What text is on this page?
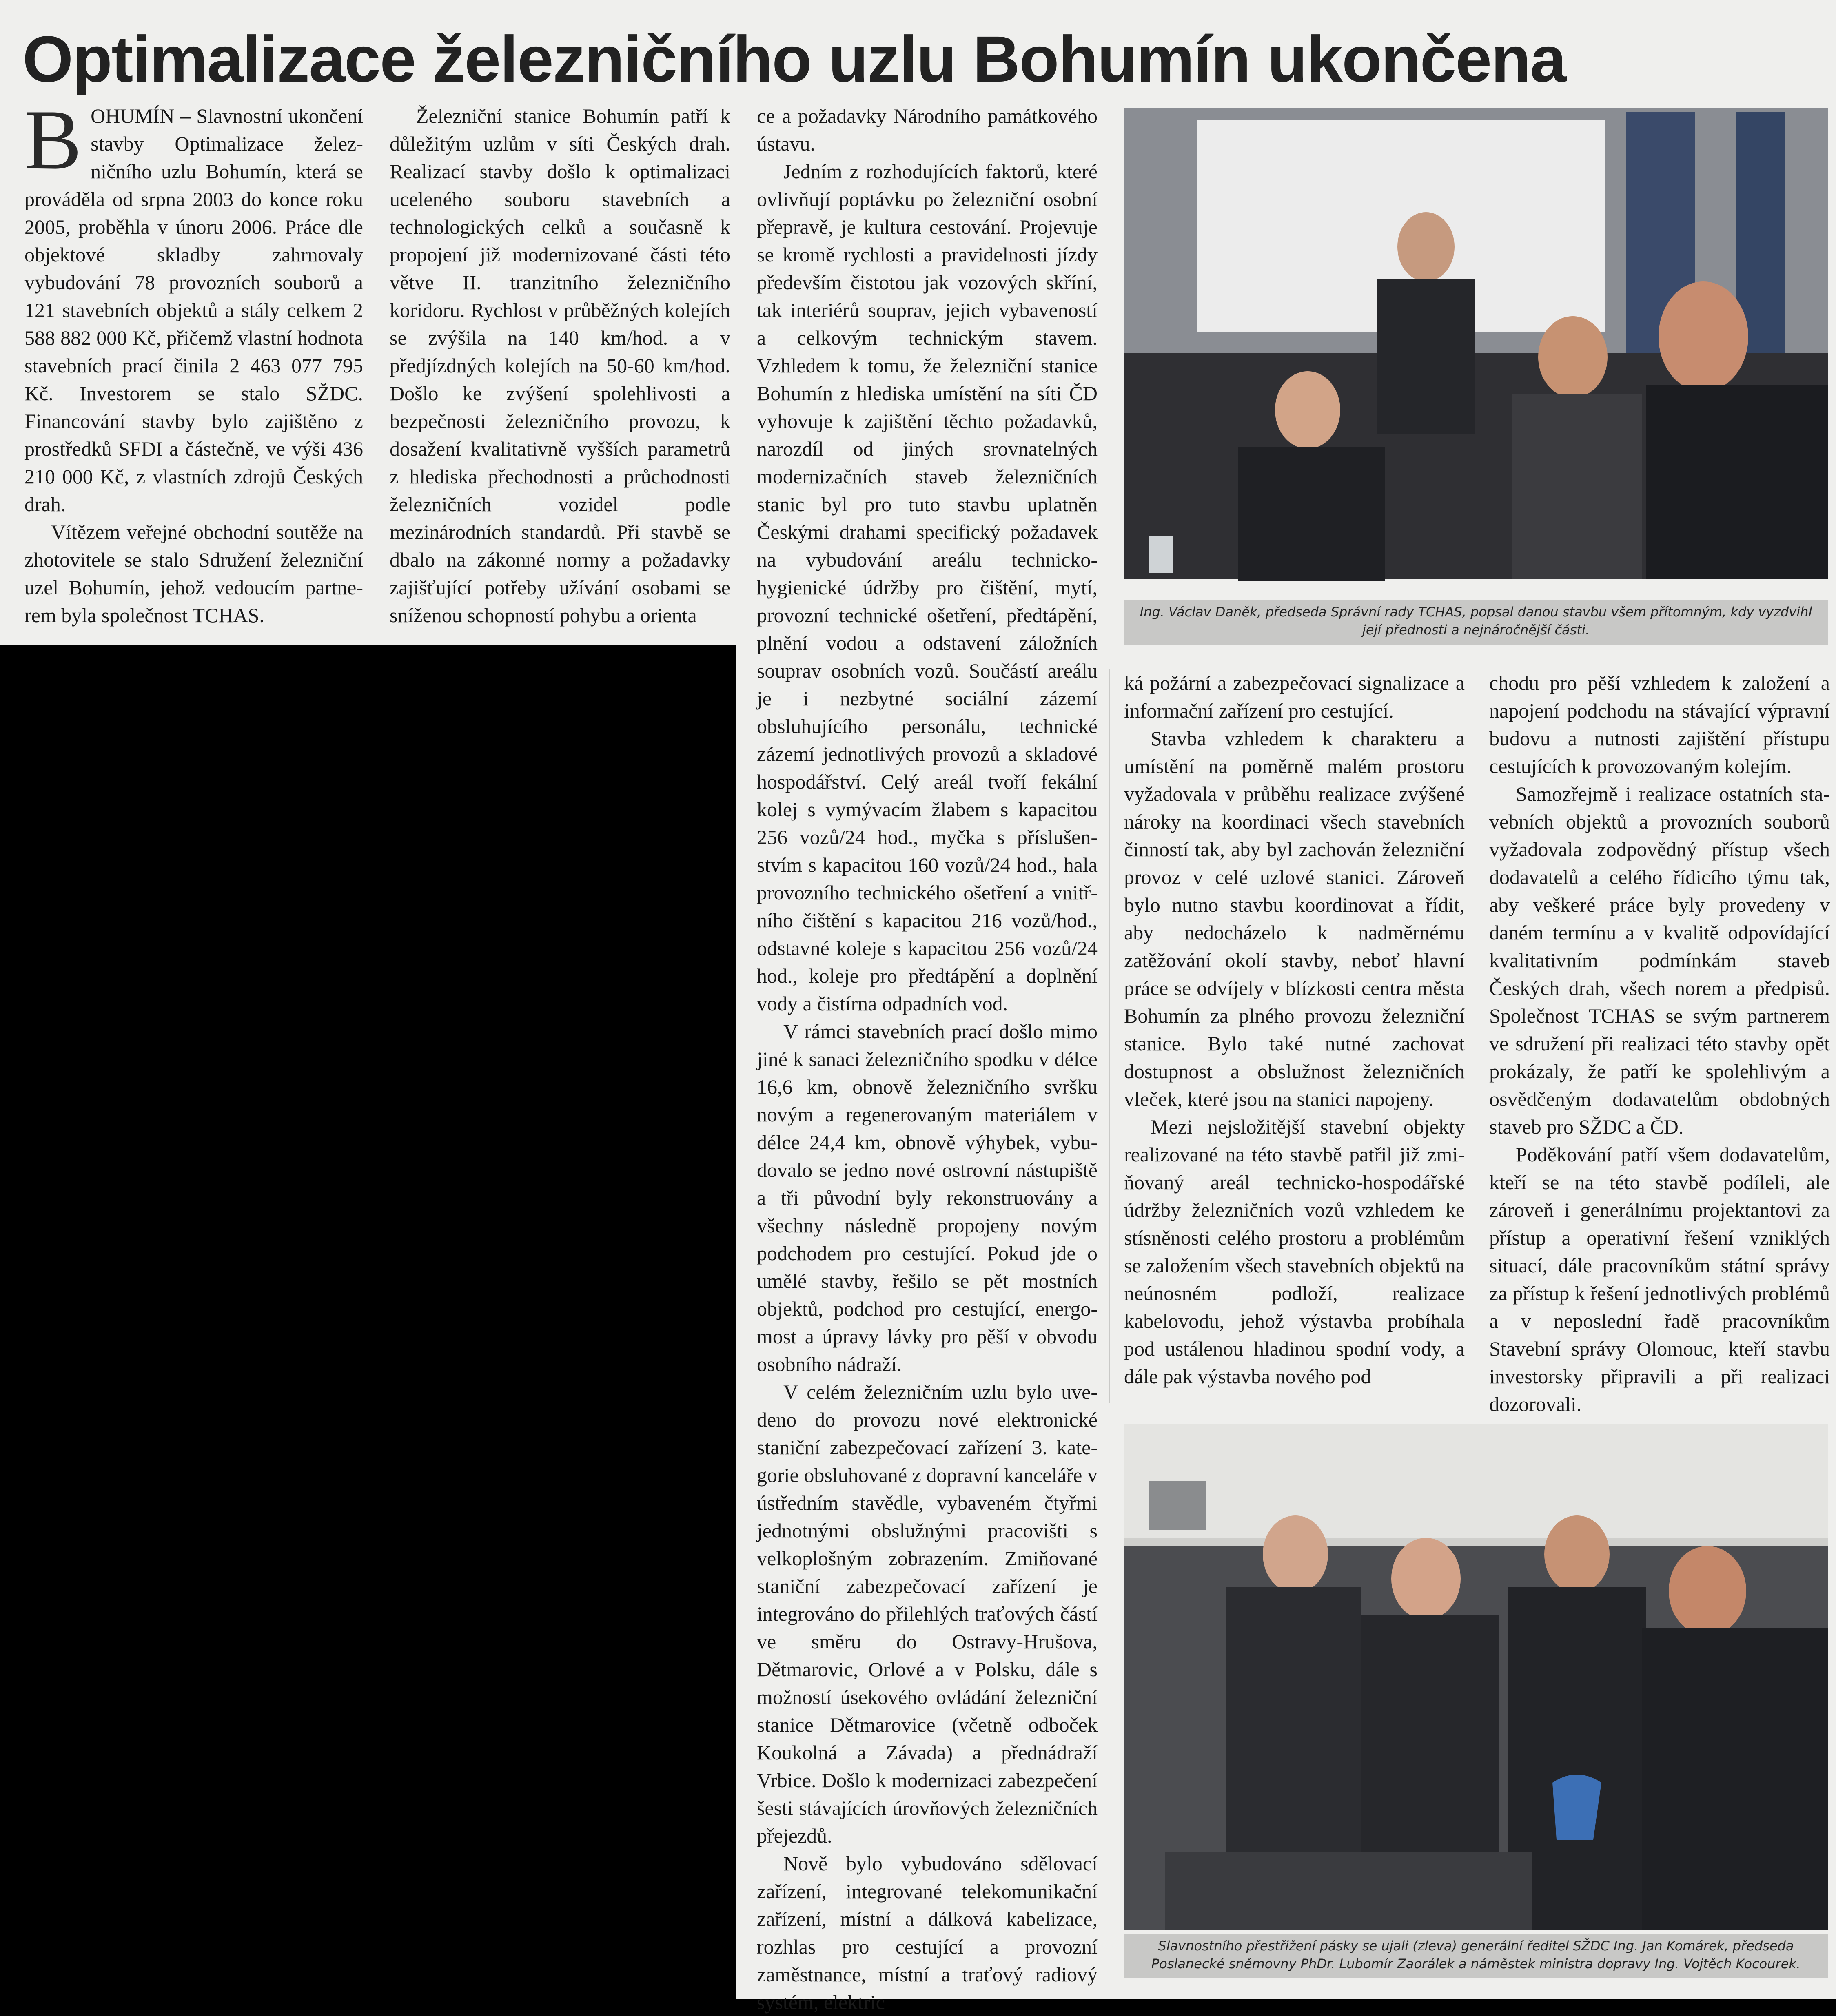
Optimalizace železničního uzlu Bohumín ukončena

BOHUMÍN – Slavnostní ukončení stavby Optimalizace železničního uzlu Bohumín, která se prováděla od srpna 2003 do konce roku 2005, proběhla v únoru 2006. Práce dle objektové skladby zahrnovaly vybudování 78 provozních souborů a 121 stavebních objektů a stály celkem 2 588 882 000 Kč, přičemž vlastní hodnota stavebních prací činila 2 463 077 795 Kč. Investorem se stalo SŽDC. Financování stavby bylo zajištěno z prostředků SFDI a částečně, ve výši 436 210 000 Kč, z vlastních zdrojů Českých drah.

Vítězem veřejné obchodní soutěže na zhotovitele se stalo Sdružení železniční uzel Bohumín, jehož vedoucím partnerem byla společnost TCHAS.

Železniční stanice Bohumín patří k důležitým uzlům v síti Českých drah. Realizací stavby došlo k optimalizaci uceleného souboru stavebních a technologických celků a současně k propojení již modernizované části této větve II. tranzitního železničního koridoru. Rychlost v průběžných kolejích se zvýšila na 140 km/hod. a v předjízdných kolejích na 50-60 km/hod. Došlo ke zvýšení spolehlivosti a bezpečnosti železničního provozu, k dosažení kvalitativně vyšších parametrů z hlediska přechodnosti a průchodnosti železničních vozidel podle mezinárodních standardů. Při stavbě se dbalo na zákonné normy a požadavky zajišťující potřeby užívání osobami se sníženou schopností pohybu a orienta

ce a požadavky Národního památkového ústavu.

Jedním z rozhodujících faktorů, které ovlivňují poptávku po železniční osobní přepravě, je kultura cestování. Projevuje se kromě rychlosti a pravidelnosti jízdy především čistotou jak vozových skříní, tak interiérů souprav, jejich vybaveností a celkovým technickým stavem. Vzhledem k tomu, že železniční stanice Bohumín z hlediska umístění na síti ČD vyhovuje k zajištění těchto požadavků, narozdíl od jiných srovnatelných modernizačních staveb železničních stanic byl pro tuto stavbu uplatněn Českými drahami specifický požadavek na vybudování areálu technicko-hygienické údržby pro čištění, mytí, provozní technické ošetření, předtápění, plnění vodou a odstavení záložních souprav osobních vozů. Součástí areálu je i nezbytné sociální zázemí obsluhujícího personálu, technické zázemí jednotlivých provozů a skladové hospodářství. Celý areál tvoří fekální kolej s vymývacím žlabem s kapacitou 256 vozů/24 hod., myčka s příslušenstvím s kapacitou 160 vozů/24 hod., hala provozního technického ošetření a vnitřního čištění s kapacitou 216 vozů/hod., odstavné koleje s kapacitou 256 vozů/24 hod., koleje pro předtápění a doplnění vody a čistírna odpadních vod.

V rámci stavebních prací došlo mimo jiné k sanaci železničního spodku v délce 16,6 km, obnově železničního svršku novým a regenerovaným materiálem v délce 24,4 km, obnově výhybek, vybudovalo se jedno nové ostrovní nástupiště a tři původní byly rekonstruovány a všechny následně propojeny novým podchodem pro cestující. Pokud jde o umělé stavby, řešilo se pět mostních objektů, podchod pro cestující, energomost a úpravy lávky pro pěší v obvodu osobního nádraží.

V celém železničním uzlu bylo uvedeno do provozu nové elektronické staniční zabezpečovací zařízení 3. kategorie obsluhované z dopravní kanceláře v ústředním stavědle, vybaveném čtyřmi jednotnými obslužnými pracovišti s velkoplošným zobrazením. Zmiňované staniční zabezpečovací zařízení je integrováno do přilehlých traťových částí ve směru do Ostravy-Hrušova, Dětmarovic, Orlové a v Polsku, dále s možností úsekového ovládání železniční stanice Dětmarovice (včetně odboček Koukolná a Závada) a přednádraží Vrbice. Došlo k modernizaci zabezpečení šesti stávajících úrovňových železničních přejezdů.

Nově bylo vybudováno sdělovací zařízení, integrované telekomunikační zařízení, místní a dálková kabelizace, rozhlas pro cestující a provozní zaměstnance, místní a traťový radiový systém, elektric

Ing. Václav Daněk, předseda Správní rady TCHAS, popsal danou stavbu všem přítomným, kdy vyzdvihl její přednosti a nejnáročnější části.

ká požární a zabezpečovací signalizace a informační zařízení pro cestující.

Stavba vzhledem k charakteru a umístění na poměrně malém prostoru vyžadovala v průběhu realizace zvýšené nároky na koordinaci všech stavebních činností tak, aby byl zachován železniční provoz v celé uzlové stanici. Zároveň bylo nutno stavbu koordinovat a řídit, aby nedocházelo k nadměrnému zatěžování okolí stavby, neboť hlavní práce se odvíjely v blízkosti centra města Bohumín za plného provozu železniční stanice. Bylo také nutné zachovat dostupnost a obslužnost železničních vleček, které jsou na stanici napojeny.

Mezi nejsložitější stavební objekty realizované na této stavbě patřil již zmiňovaný areál technicko-hospodářské údržby železničních vozů vzhledem ke stísněnosti celého prostoru a problémům se založením všech stavebních objektů na neúnosném podloží, realizace kabelovodu, jehož výstavba probíhala pod ustálenou hladinou spodní vody, a dále pak výstavba nového pod

chodu pro pěší vzhledem k založení a napojení podchodu na stávající výpravní budovu a nutnosti zajištění přístupu cestujících k provozovaným kolejím.

Samozřejmě i realizace ostatních stavebních objektů a provozních souborů vyžadovala zodpovědný přístup všech dodavatelů a celého řídicího týmu tak, aby veškeré práce byly provedeny v daném termínu a v kvalitě odpovídající kvalitativním podmínkám staveb Českých drah, všech norem a předpisů. Společnost TCHAS se svým partnerem ve sdružení při realizaci této stavby opět prokázaly, že patří ke spolehlivým a osvědčeným dodavatelům obdobných staveb pro SŽDC a ČD.

Poděkování patří všem dodavatelům, kteří se na této stavbě podíleli, ale zároveň i generálnímu projektantovi za přístup a operativní řešení vzniklých situací, dále pracovníkům státní správy za přístup k řešení jednotlivých problémů a v neposlední řadě pracovníkům Stavební správy Olomouc, kteří stavbu investorsky připravili a při realizaci dozorovali.

Slavnostního přestřižení pásky se ujali (zleva) generální ředitel SŽDC Ing. Jan Komárek, předseda Poslanecké sněmovny PhDr. Lubomír Zaorálek a náměstek ministra dopravy Ing. Vojtěch Kocourek.
